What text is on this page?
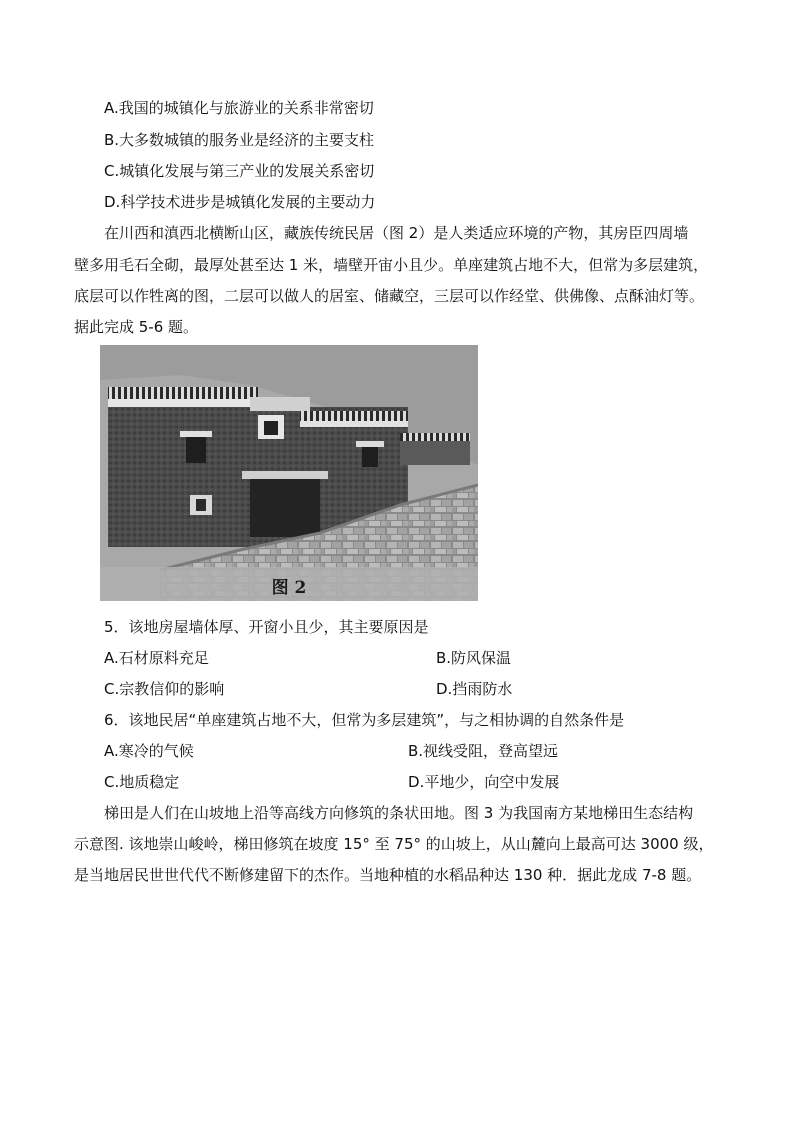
A.我国的城镇化与旅游业的关系非常密切
B.大多数城镇的服务业是经济的主要支柱
C.城镇化发展与第三产业的发展关系密切
D.科学技术进步是城镇化发展的主要动力
在川西和滇西北横断山区，藏族传统民居（图 2）是人类适应环境的产物，其房臣四周墙
壁多用毛石全砌，最厚处甚至达 1 米，墙壁开宙小且少。单座建筑占地不大，但常为多层建筑，
底层可以作牲离的图，二层可以做人的居室、储藏空，三层可以作经堂、供佛像、点酥油灯等。
据此完成 5-6 题。
图 2
5．该地房屋墙体厚、开窗小且少，其主要原因是
A.石材原料充足	B.防风保温
C.宗教信仰的影响	D.挡雨防水
6．该地民居“单座建筑占地不大，但常为多层建筑”，与之相协调的自然条件是
A.寒冷的气候	B.视线受阻，登高望远
C.地质稳定	D.平地少，向空中发展
梯田是人们在山坡地上沿等高线方向修筑的条状田地。图 3 为我国南方某地梯田生态结构
示意图. 该地崇山峻岭，梯田修筑在坡度 15° 至 75° 的山坡上，从山麓向上最高可达 3000 级，
是当地居民世世代代不断修建留下的杰作。当地种植的水稻品种达 130 种．据此龙成 7-8 题。
